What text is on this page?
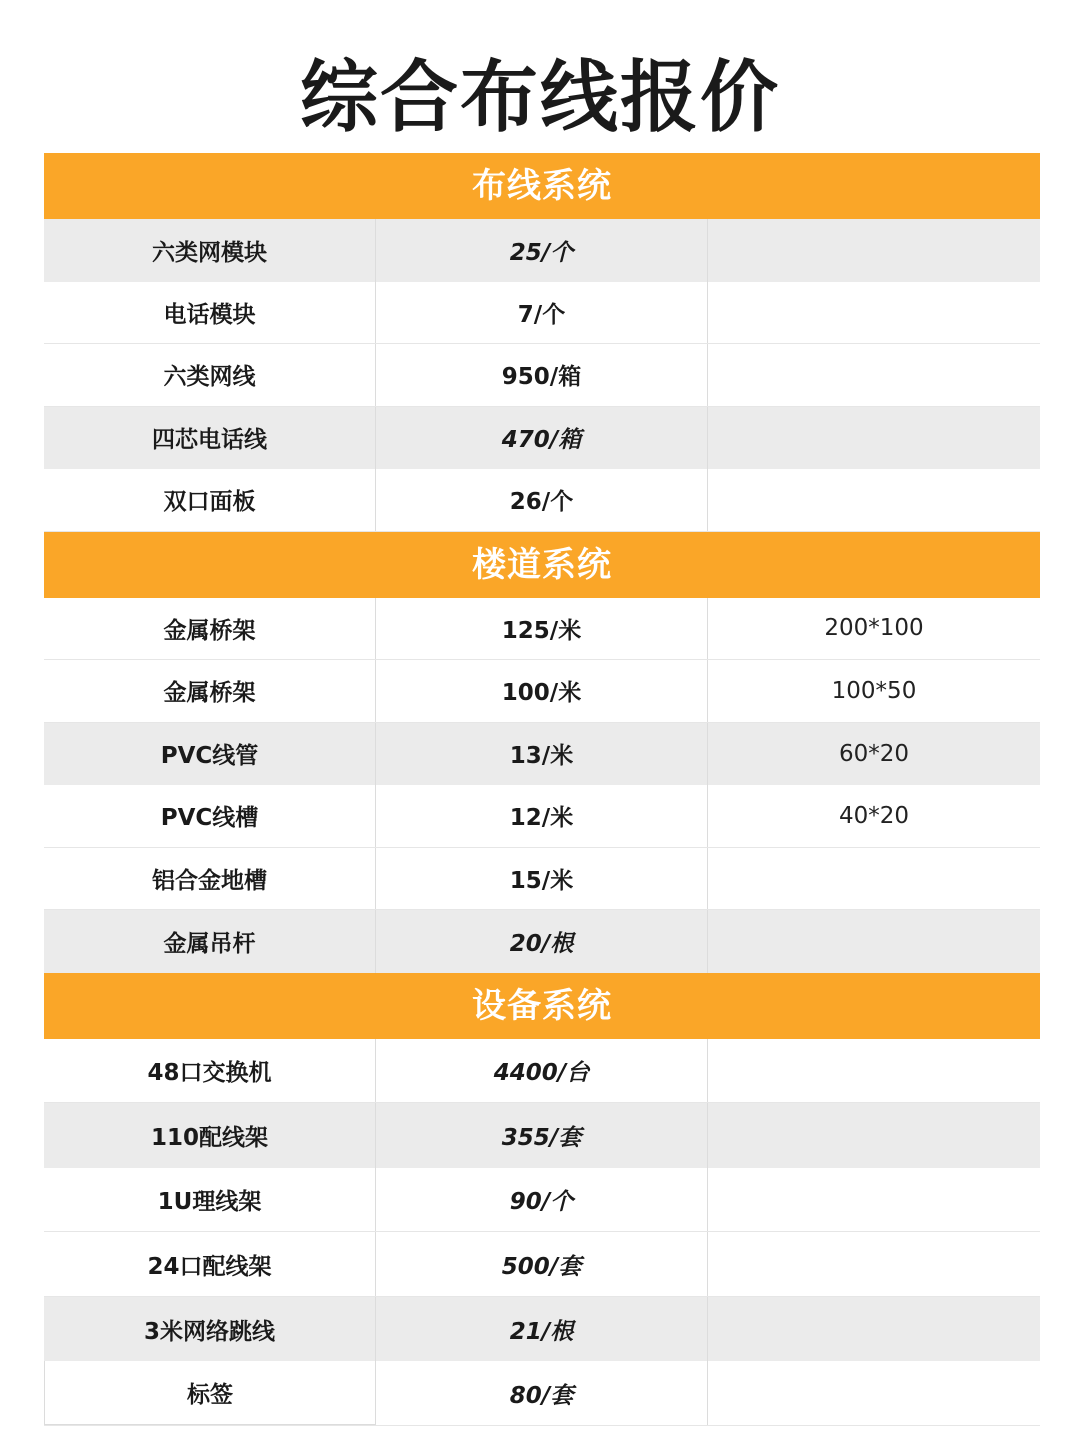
综合布线报价
布线系统
六类网模块	25/个
电话模块	7/个
六类网线	950/箱
四芯电话线	470/箱
双口面板	26/个
楼道系统
金属桥架	125/米	200*100
金属桥架	100/米	100*50
PVC线管	13/米	60*20
PVC线槽	12/米	40*20
铝合金地槽	15/米
金属吊杆	20/根
设备系统
48口交换机	4400/台
110配线架	355/套
1U理线架	90/个
24口配线架	500/套
3米网络跳线	21/根
标签	80/套
